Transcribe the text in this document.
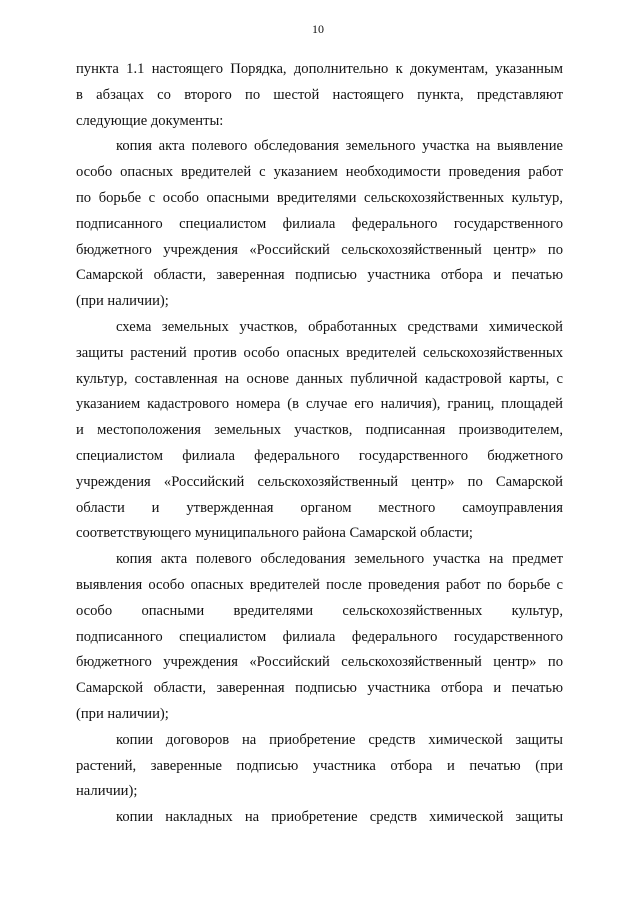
10

пункта 1.1 настоящего Порядка, дополнительно к документам, указанным
в абзацах со второго по шестой настоящего пункта, представляют
следующие документы:

копия акта полевого обследования земельного участка на выявление
особо опасных вредителей с указанием необходимости проведения работ
по борьбе с особо опасными вредителями сельскохозяйственных культур,
подписанного специалистом филиала федерального государственного
бюджетного учреждения «Российский сельскохозяйственный центр» по
Самарской области, заверенная подписью участника отбора и печатью
(при наличии);

схема земельных участков, обработанных средствами химической
защиты растений против особо опасных вредителей сельскохозяйственных
культур, составленная на основе данных публичной кадастровой карты, с
указанием кадастрового номера (в случае его наличия), границ, площадей
и местоположения земельных участков, подписанная производителем,
специалистом филиала федерального государственного бюджетного
учреждения «Российский сельскохозяйственный центр» по Самарской
области и утвержденная органом местного самоуправления
соответствующего муниципального района Самарской области;

копия акта полевого обследования земельного участка на предмет
выявления особо опасных вредителей после проведения работ по борьбе с
особо опасными вредителями сельскохозяйственных культур,
подписанного специалистом филиала федерального государственного
бюджетного учреждения «Российский сельскохозяйственный центр» по
Самарской области, заверенная подписью участника отбора и печатью
(при наличии);

копии договоров на приобретение средств химической защиты
растений, заверенные подписью участника отбора и печатью (при
наличии);

копии накладных на приобретение средств химической защиты
